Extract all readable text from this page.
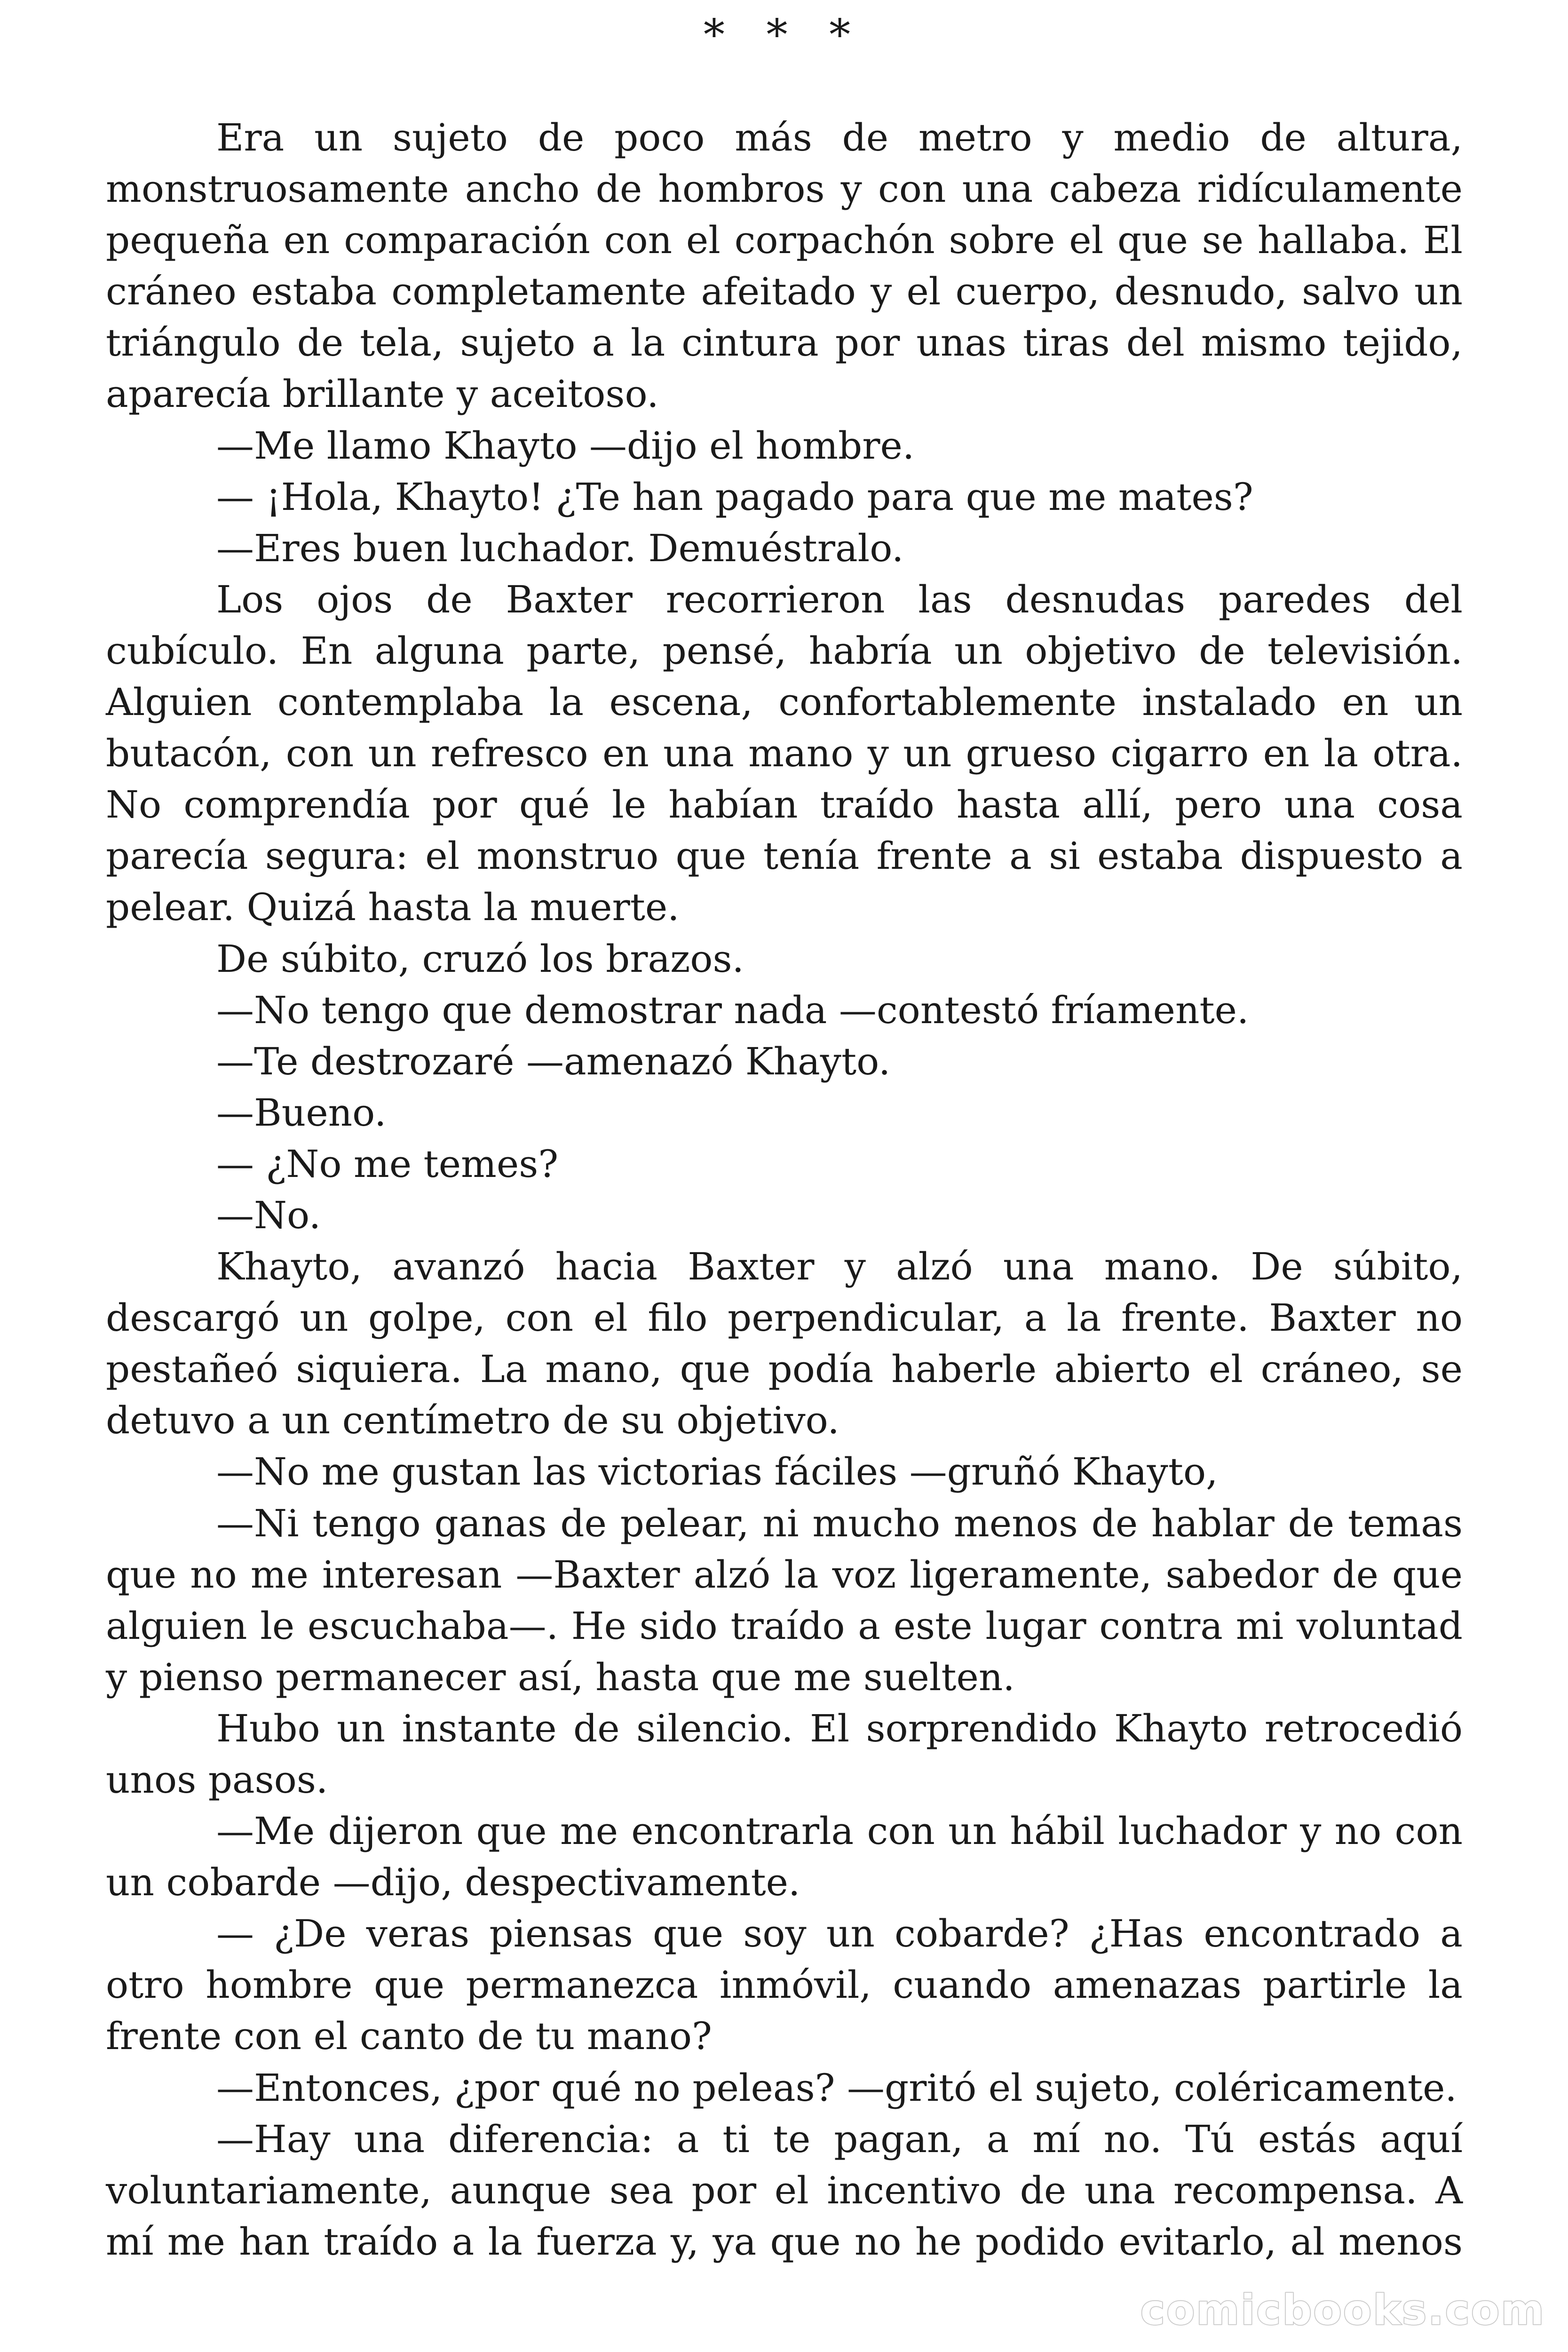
* * *

Era un sujeto de poco más de metro y medio de altura, monstruosamente ancho de hombros y con una cabeza ridículamente pequeña en comparación con el corpachón sobre el que se hallaba. El cráneo estaba completamente afeitado y el cuerpo, desnudo, salvo un triángulo de tela, sujeto a la cintura por unas tiras del mismo tejido, aparecía brillante y aceitoso.

—Me llamo Khayto —dijo el hombre.

— ¡Hola, Khayto! ¿Te han pagado para que me mates?

—Eres buen luchador. Demuéstralo.

Los ojos de Baxter recorrieron las desnudas paredes del cubículo. En alguna parte, pensé, habría un objetivo de televisión. Alguien contemplaba la escena, confortablemente instalado en un butacón, con un refresco en una mano y un grueso cigarro en la otra. No comprendía por qué le habían traído hasta allí, pero una cosa parecía segura: el monstruo que tenía frente a si estaba dispuesto a pelear. Quizá hasta la muerte.

De súbito, cruzó los brazos.

—No tengo que demostrar nada —contestó fríamente.

—Te destrozaré —amenazó Khayto.

—Bueno.

— ¿No me temes?

—No.

Khayto, avanzó hacia Baxter y alzó una mano. De súbito, descargó un golpe, con el filo perpendicular, a la frente. Baxter no pestañeó siquiera. La mano, que podía haberle abierto el cráneo, se detuvo a un centímetro de su objetivo.

—No me gustan las victorias fáciles —gruñó Khayto,

—Ni tengo ganas de pelear, ni mucho menos de hablar de temas que no me interesan —Baxter alzó la voz ligeramente, sabedor de que alguien le escuchaba—. He sido traído a este lugar contra mi voluntad y pienso permanecer así, hasta que me suelten.

Hubo un instante de silencio. El sorprendido Khayto retrocedió unos pasos.

—Me dijeron que me encontrarla con un hábil luchador y no con un cobarde —dijo, despectivamente.

— ¿De veras piensas que soy un cobarde? ¿Has encontrado a otro hombre que permanezca inmóvil, cuando amenazas partirle la frente con el canto de tu mano?

—Entonces, ¿por qué no peleas? —gritó el sujeto, coléricamente.

—Hay una diferencia: a ti te pagan, a mí no. Tú estás aquí voluntariamente, aunque sea por el incentivo de una recompensa. A mí me han traído a la fuerza y, ya que no he podido evitarlo, al menos

comicbooks.com
